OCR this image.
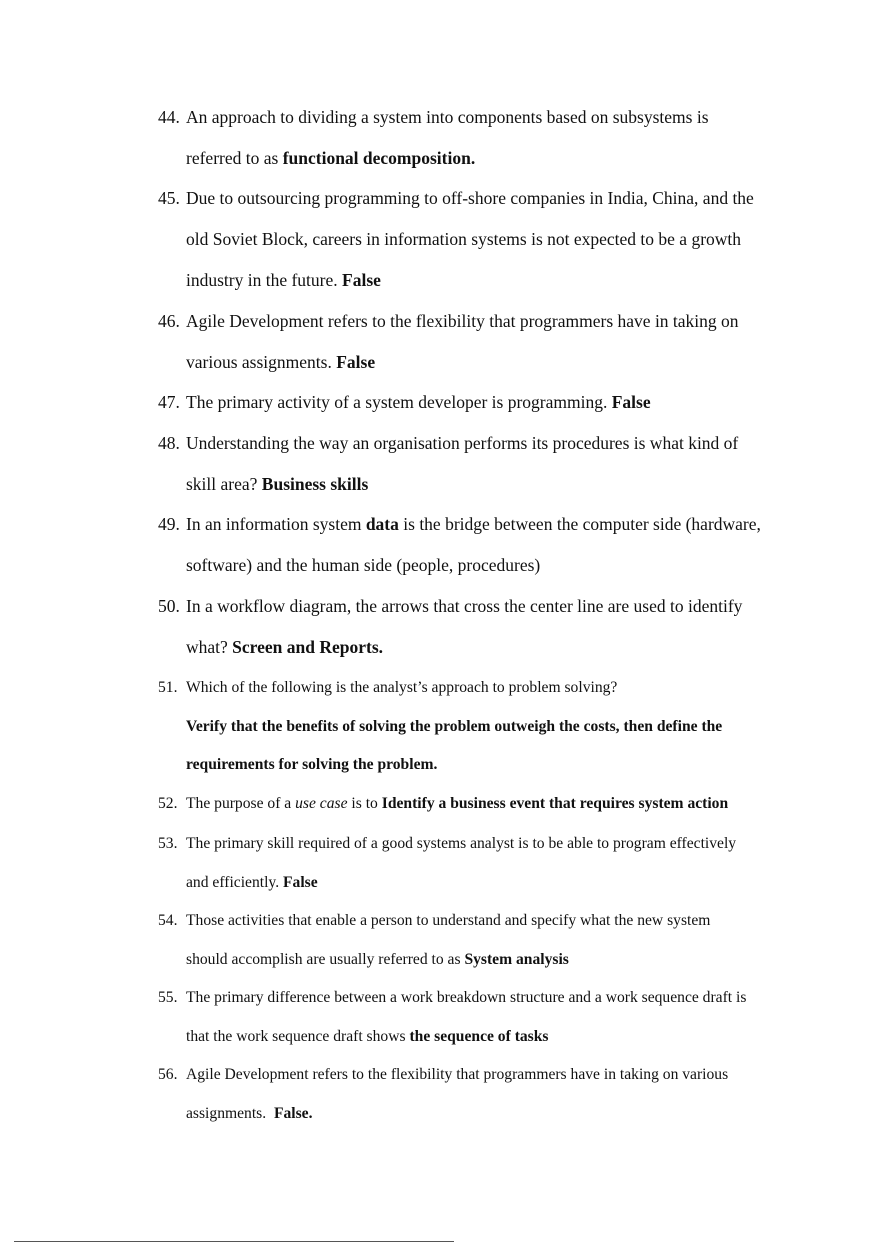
44. An approach to dividing a system into components based on subsystems is
referred to as functional decomposition.
45. Due to outsourcing programming to off-shore companies in India, China, and the
old Soviet Block, careers in information systems is not expected to be a growth
industry in the future. False
46. Agile Development refers to the flexibility that programmers have in taking on
various assignments. False
47. The primary activity of a system developer is programming. False
48. Understanding the way an organisation performs its procedures is what kind of
skill area? Business skills
49. In an information system data is the bridge between the computer side (hardware,
software) and the human side (people, procedures)
50. In a workflow diagram, the arrows that cross the center line are used to identify
what? Screen and Reports.
51. Which of the following is the analyst’s approach to problem solving?
Verify that the benefits of solving the problem outweigh the costs, then define the
requirements for solving the problem.
52. The purpose of a use case is to Identify a business event that requires system action
53. The primary skill required of a good systems analyst is to be able to program effectively
and efficiently. False
54. Those activities that enable a person to understand and specify what the new system
should accomplish are usually referred to as System analysis
55. The primary difference between a work breakdown structure and a work sequence draft is
that the work sequence draft shows the sequence of tasks
56. Agile Development refers to the flexibility that programmers have in taking on various
assignments.  False.
